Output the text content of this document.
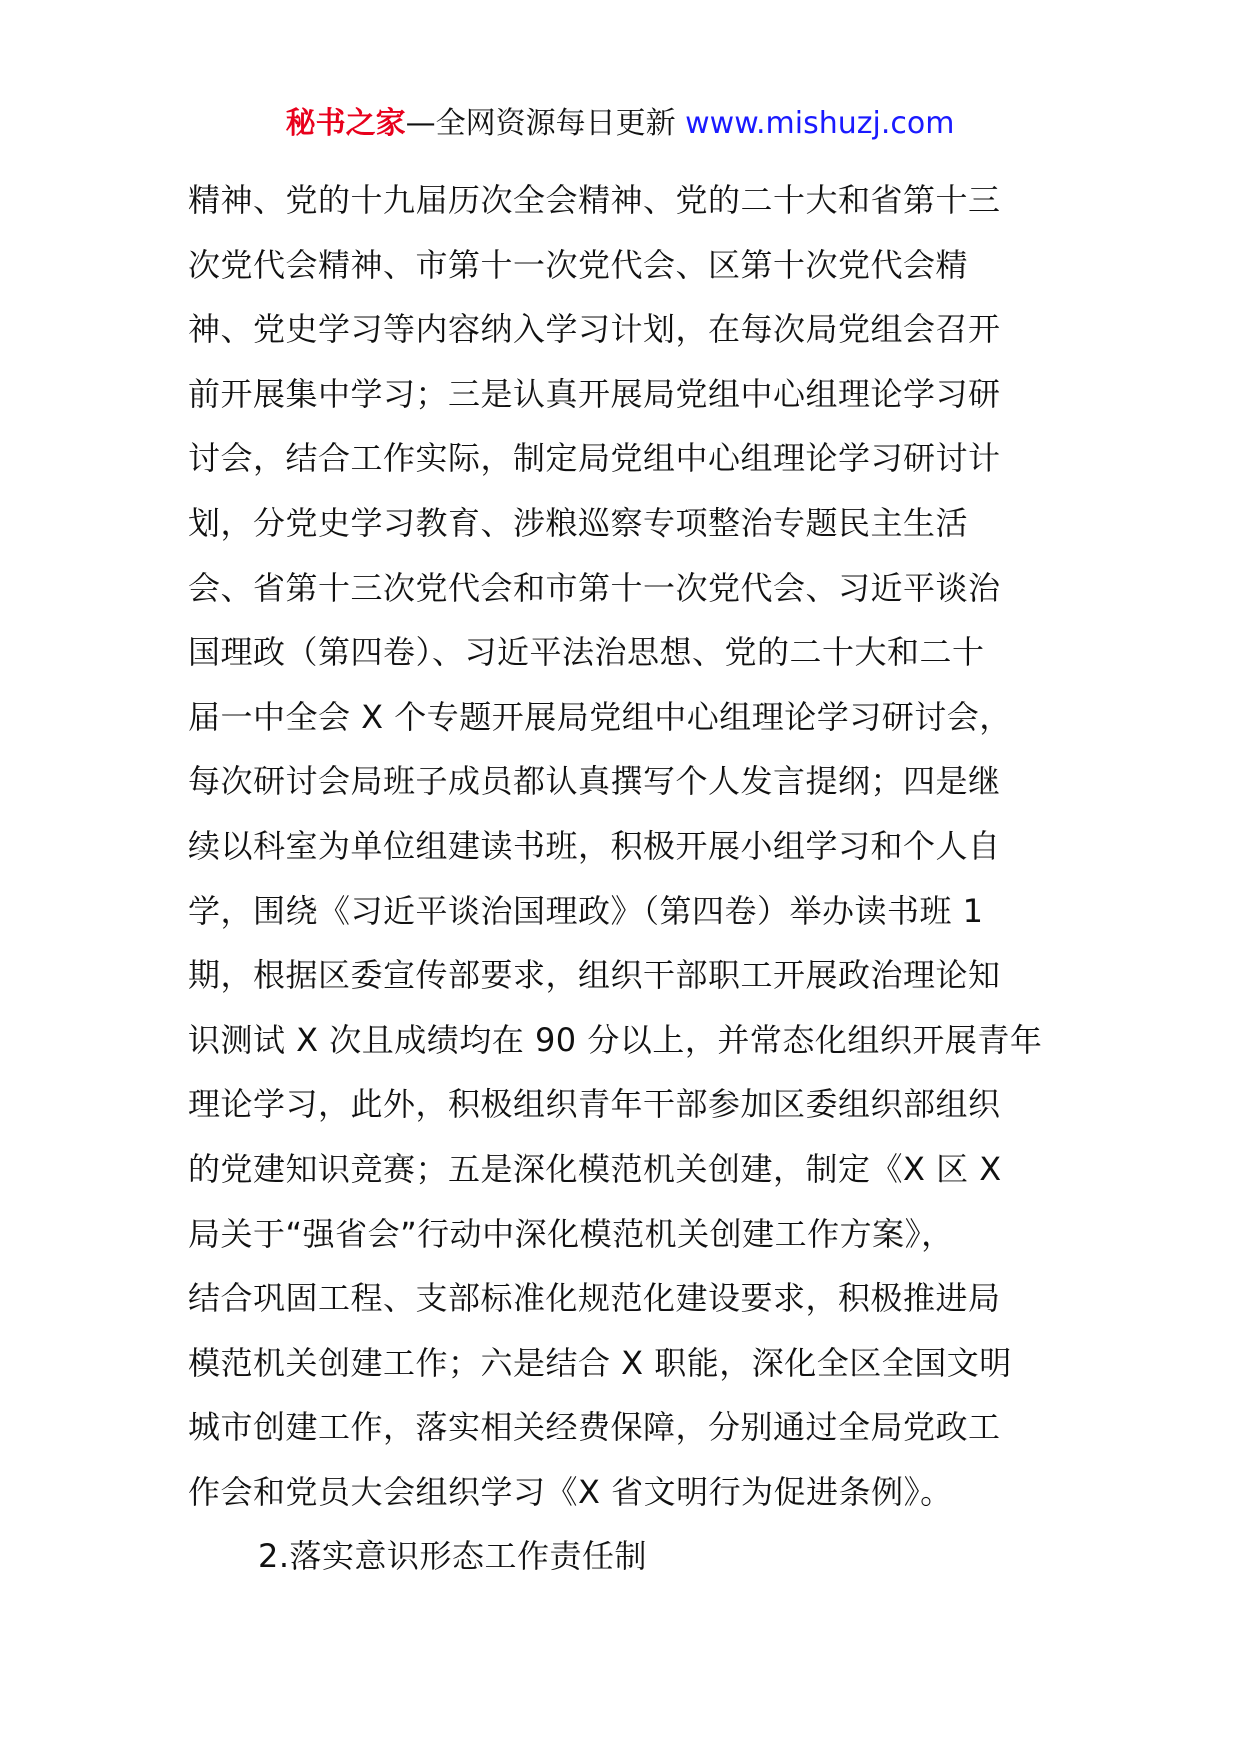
秘书之家—全网资源每日更新 www.mishuzj.com
精神、党的十九届历次全会精神、党的二十大和省第十三
次党代会精神、市第十一次党代会、区第十次党代会精
神、党史学习等内容纳入学习计划，在每次局党组会召开
前开展集中学习；三是认真开展局党组中心组理论学习研
讨会，结合工作实际，制定局党组中心组理论学习研讨计
划，分党史学习教育、涉粮巡察专项整治专题民主生活
会、省第十三次党代会和市第十一次党代会、习近平谈治
国理政（第四卷）、习近平法治思想、党的二十大和二十
届一中全会 X 个专题开展局党组中心组理论学习研讨会，
每次研讨会局班子成员都认真撰写个人发言提纲；四是继
续以科室为单位组建读书班，积极开展小组学习和个人自
学，围绕《习近平谈治国理政》（第四卷）举办读书班 1
期，根据区委宣传部要求，组织干部职工开展政治理论知
识测试 X 次且成绩均在 90 分以上，并常态化组织开展青年
理论学习，此外，积极组织青年干部参加区委组织部组织
的党建知识竞赛；五是深化模范机关创建，制定《X 区 X
局关于“强省会”行动中深化模范机关创建工作方案》，
结合巩固工程、支部标准化规范化建设要求，积极推进局
模范机关创建工作；六是结合 X 职能，深化全区全国文明
城市创建工作，落实相关经费保障，分别通过全局党政工
作会和党员大会组织学习《X 省文明行为促进条例》。
2.落实意识形态工作责任制
